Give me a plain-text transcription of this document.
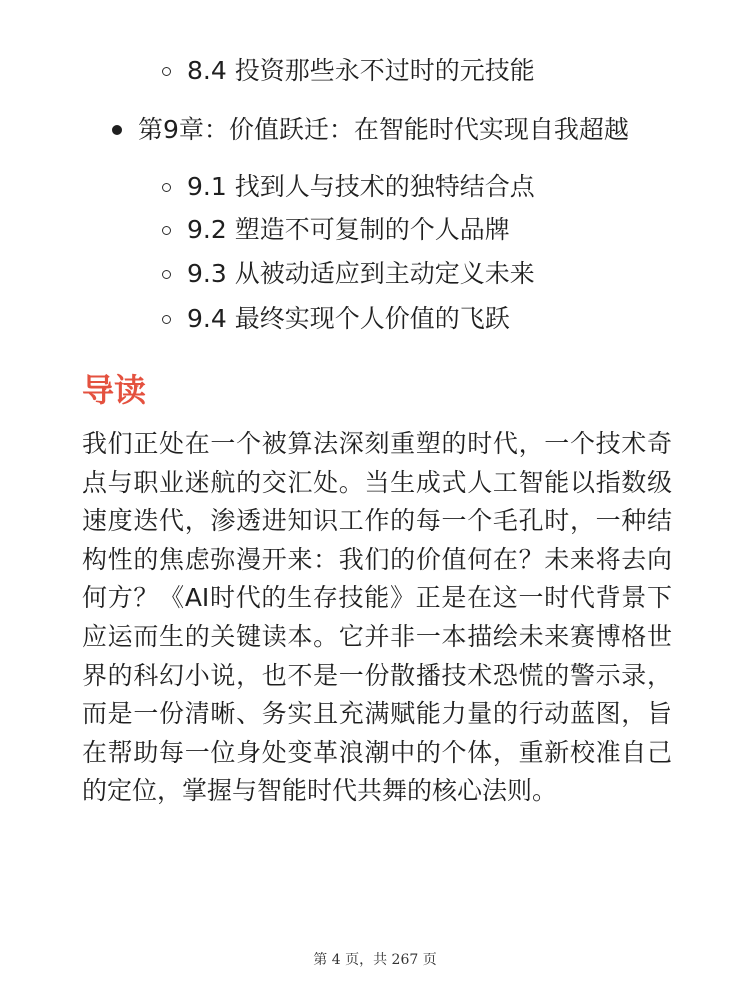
8.4 投资那些永不过时的元技能
第9章：价值跃迁：在智能时代实现自我超越
9.1 找到人与技术的独特结合点
9.2 塑造不可复制的个人品牌
9.3 从被动适应到主动定义未来
9.4 最终实现个人价值的飞跃
导读

我们正处在一个被算法深刻重塑的时代，一个技术奇点与职业迷航的交汇处。当生成式人工智能以指数级速度迭代，渗透进知识工作的每一个毛孔时，一种结构性的焦虑弥漫开来：我们的价值何在？未来将去向何方？《AI时代的生存技能》正是在这一时代背景下应运而生的关键读本。它并非一本描绘未来赛博格世界的科幻小说，也不是一份散播技术恐慌的警示录，而是一份清晰、务实且充满赋能力量的行动蓝图，旨在帮助每一位身处变革浪潮中的个体，重新校准自己的定位，掌握与智能时代共舞的核心法则。

第 4 页，共 267 页
